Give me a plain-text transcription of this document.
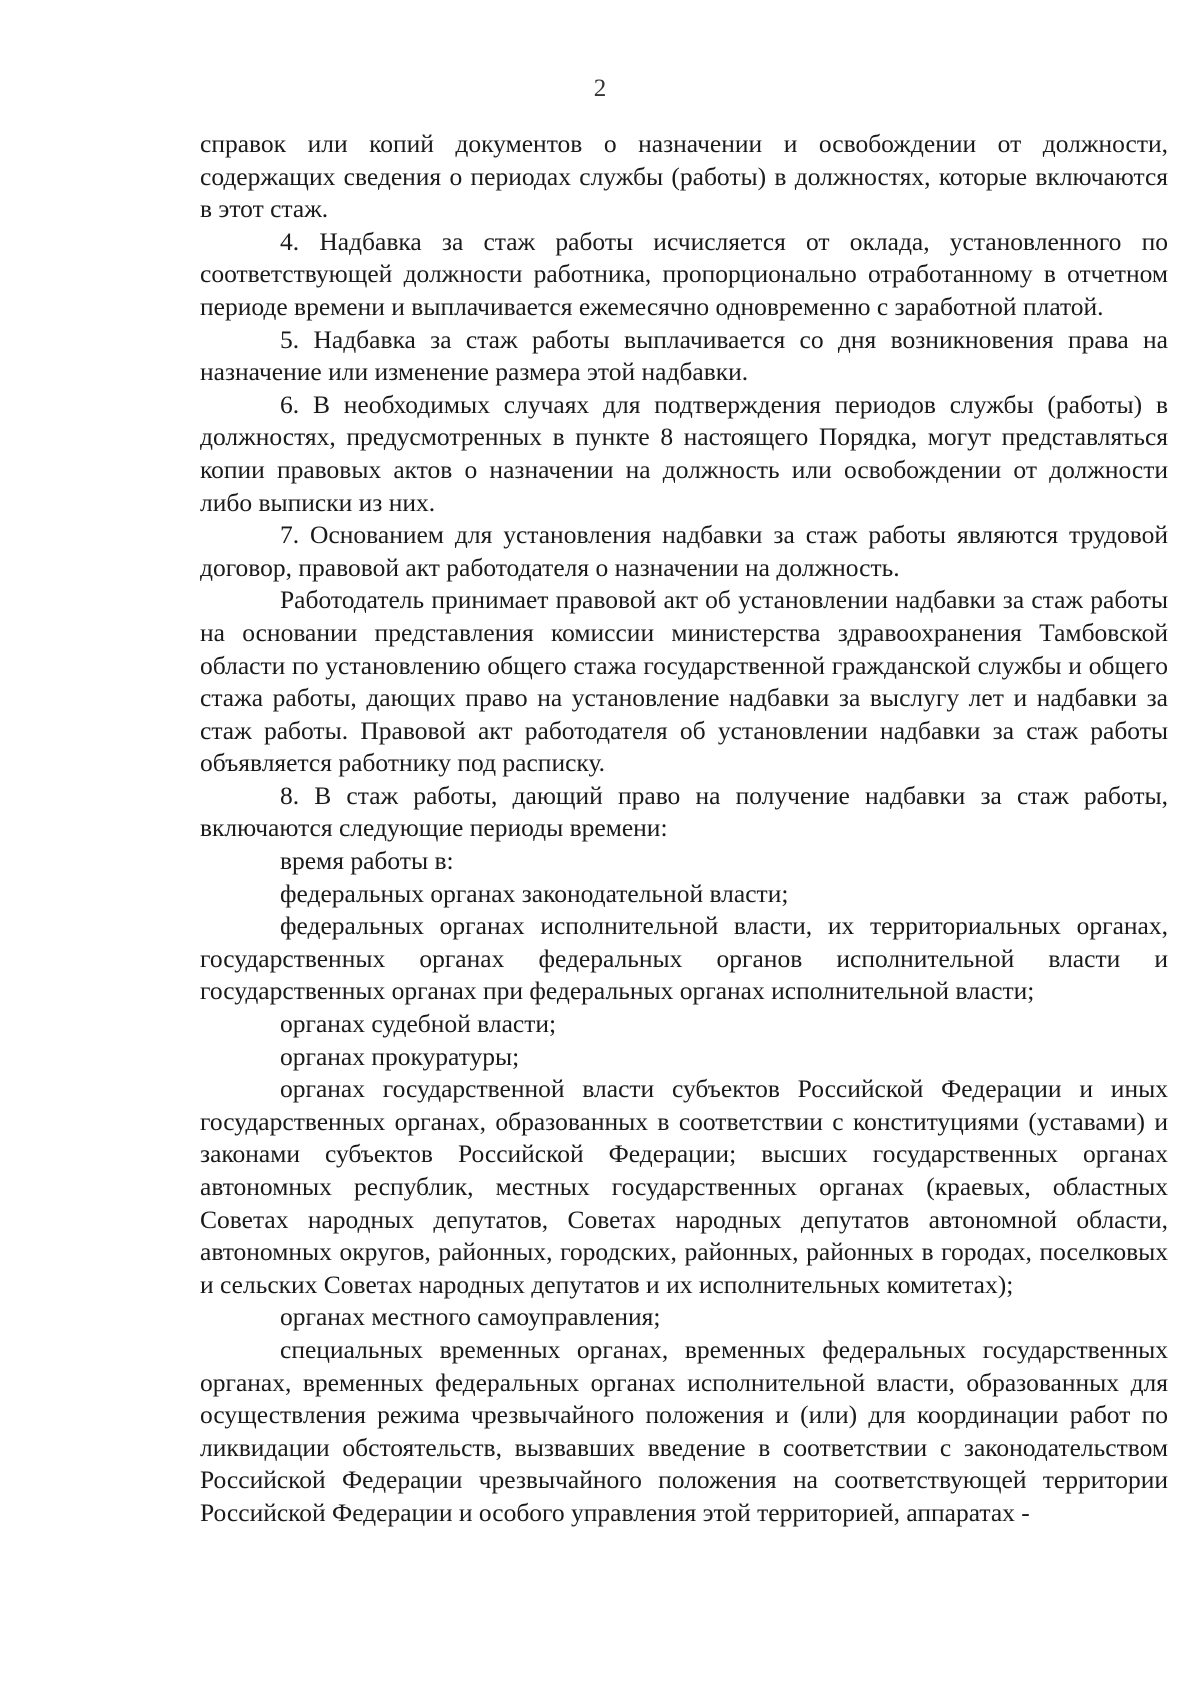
2

справок или копий документов о назначении и освобождении от должности, содержащих сведения о периодах службы (работы) в должностях, которые включаются в этот стаж.

4. Надбавка за стаж работы исчисляется от оклада, установленного по соответствующей должности работника, пропорционально отработанному в отчетном периоде времени и выплачивается ежемесячно одновременно с заработной платой.

5. Надбавка за стаж работы выплачивается со дня возникновения права на назначение или изменение размера этой надбавки.

6. В необходимых случаях для подтверждения периодов службы (работы) в должностях, предусмотренных в пункте 8 настоящего Порядка, могут представляться копии правовых актов о назначении на должность или освобождении от должности либо выписки из них.

7. Основанием для установления надбавки за стаж работы являются трудовой договор, правовой акт работодателя о назначении на должность.

Работодатель принимает правовой акт об установлении надбавки за стаж работы на основании представления комиссии министерства здравоохранения Тамбовской области по установлению общего стажа государственной гражданской службы и общего стажа работы, дающих право на установление надбавки за выслугу лет и надбавки за стаж работы. Правовой акт работодателя об установлении надбавки за стаж работы объявляется работнику под расписку.

8. В стаж работы, дающий право на получение надбавки за стаж работы, включаются следующие периоды времени:

время работы в:

федеральных органах законодательной власти;

федеральных органах исполнительной власти, их территориальных органах, государственных органах федеральных органов исполнительной власти и государственных органах при федеральных органах исполнительной власти;

органах судебной власти;

органах прокуратуры;

органах государственной власти субъектов Российской Федерации и иных государственных органах, образованных в соответствии с конституциями (уставами) и законами субъектов Российской Федерации; высших государственных органах автономных республик, местных государственных органах (краевых, областных Советах народных депутатов, Советах народных депутатов автономной области, автономных округов, районных, городских, районных, районных в городах, поселковых и сельских Советах народных депутатов и их исполнительных комитетах);

органах местного самоуправления;

специальных временных органах, временных федеральных государственных органах, временных федеральных органах исполнительной власти, образованных для осуществления режима чрезвычайного положения и (или) для координации работ по ликвидации обстоятельств, вызвавших введение в соответствии с законодательством Российской Федерации чрезвычайного положения на соответствующей территории Российской Федерации и особого управления этой территорией, аппаратах -
